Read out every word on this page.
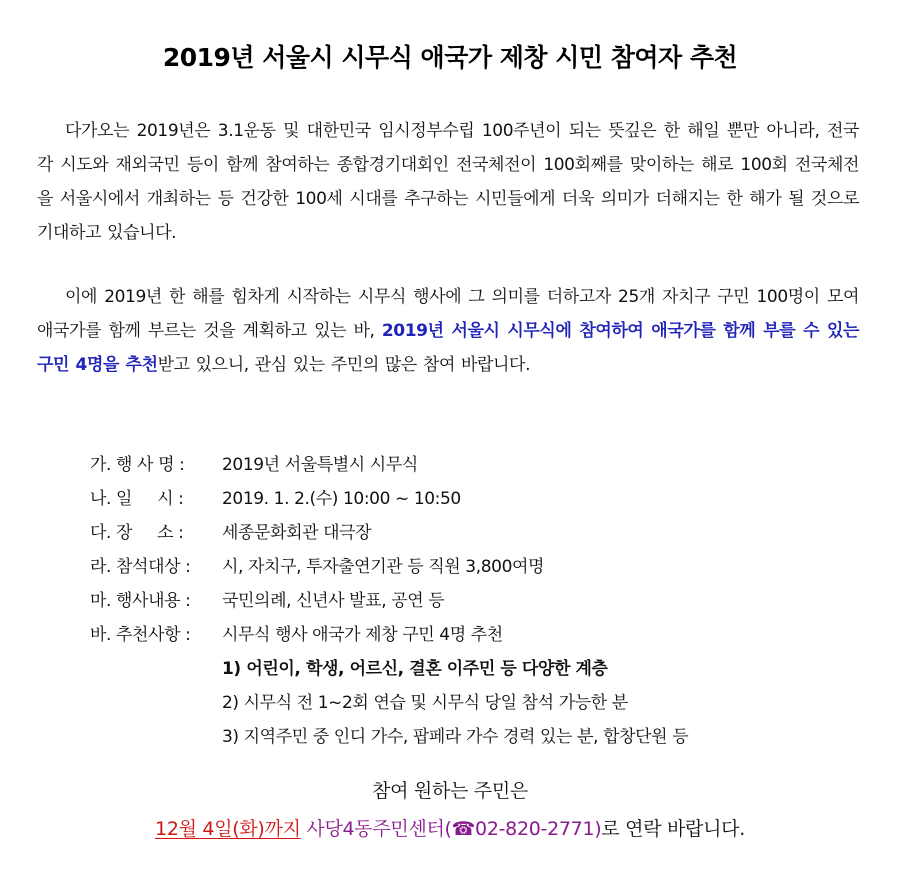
2019년 서울시 시무식 애국가 제창 시민 참여자 추천
다가오는 2019년은 3.1운동 및 대한민국 임시정부수립 100주년이 되는 뜻깊은 한 해일 뿐만 아니라, 전국 각 시도와 재외국민 등이 함께 참여하는 종합경기대회인 전국체전이 100회째를 맞이하는 해로 100회 전국체전을 서울시에서 개최하는 등 건강한 100세 시대를 추구하는 시민들에게 더욱 의미가 더해지는 한 해가 될 것으로 기대하고 있습니다.
이에 2019년 한 해를 힘차게 시작하는 시무식 행사에 그 의미를 더하고자 25개 자치구 구민 100명이 모여 애국가를 함께 부르는 것을 계획하고 있는 바, 2019년 서울시 시무식에 참여하여 애국가를 함께 부를 수 있는 구민 4명을 추천받고 있으니, 관심 있는 주민의 많은 참여 바랍니다.
가. 행 사 명 : 2019년 서울특별시 시무식
나. 일     시 : 2019. 1. 2.(수) 10:00 ~ 10:50
다. 장     소 : 세종문화회관 대극장
라. 참석대상 : 시, 자치구, 투자출연기관 등 직원 3,800여명
마. 행사내용 : 국민의례, 신년사 발표, 공연 등
바. 추천사항 : 시무식 행사 애국가 제창 구민 4명 추천
1) 어린이, 학생, 어르신, 결혼 이주민 등 다양한 계층
2) 시무식 전 1~2회 연습 및 시무식 당일 참석 가능한 분
3) 지역주민 중 인디 가수, 팝페라 가수 경력 있는 분, 합창단원 등
참여 원하는 주민은
12월 4일(화)까지 사당4동주민센터(☎02-820-2771)로 연락 바랍니다.
